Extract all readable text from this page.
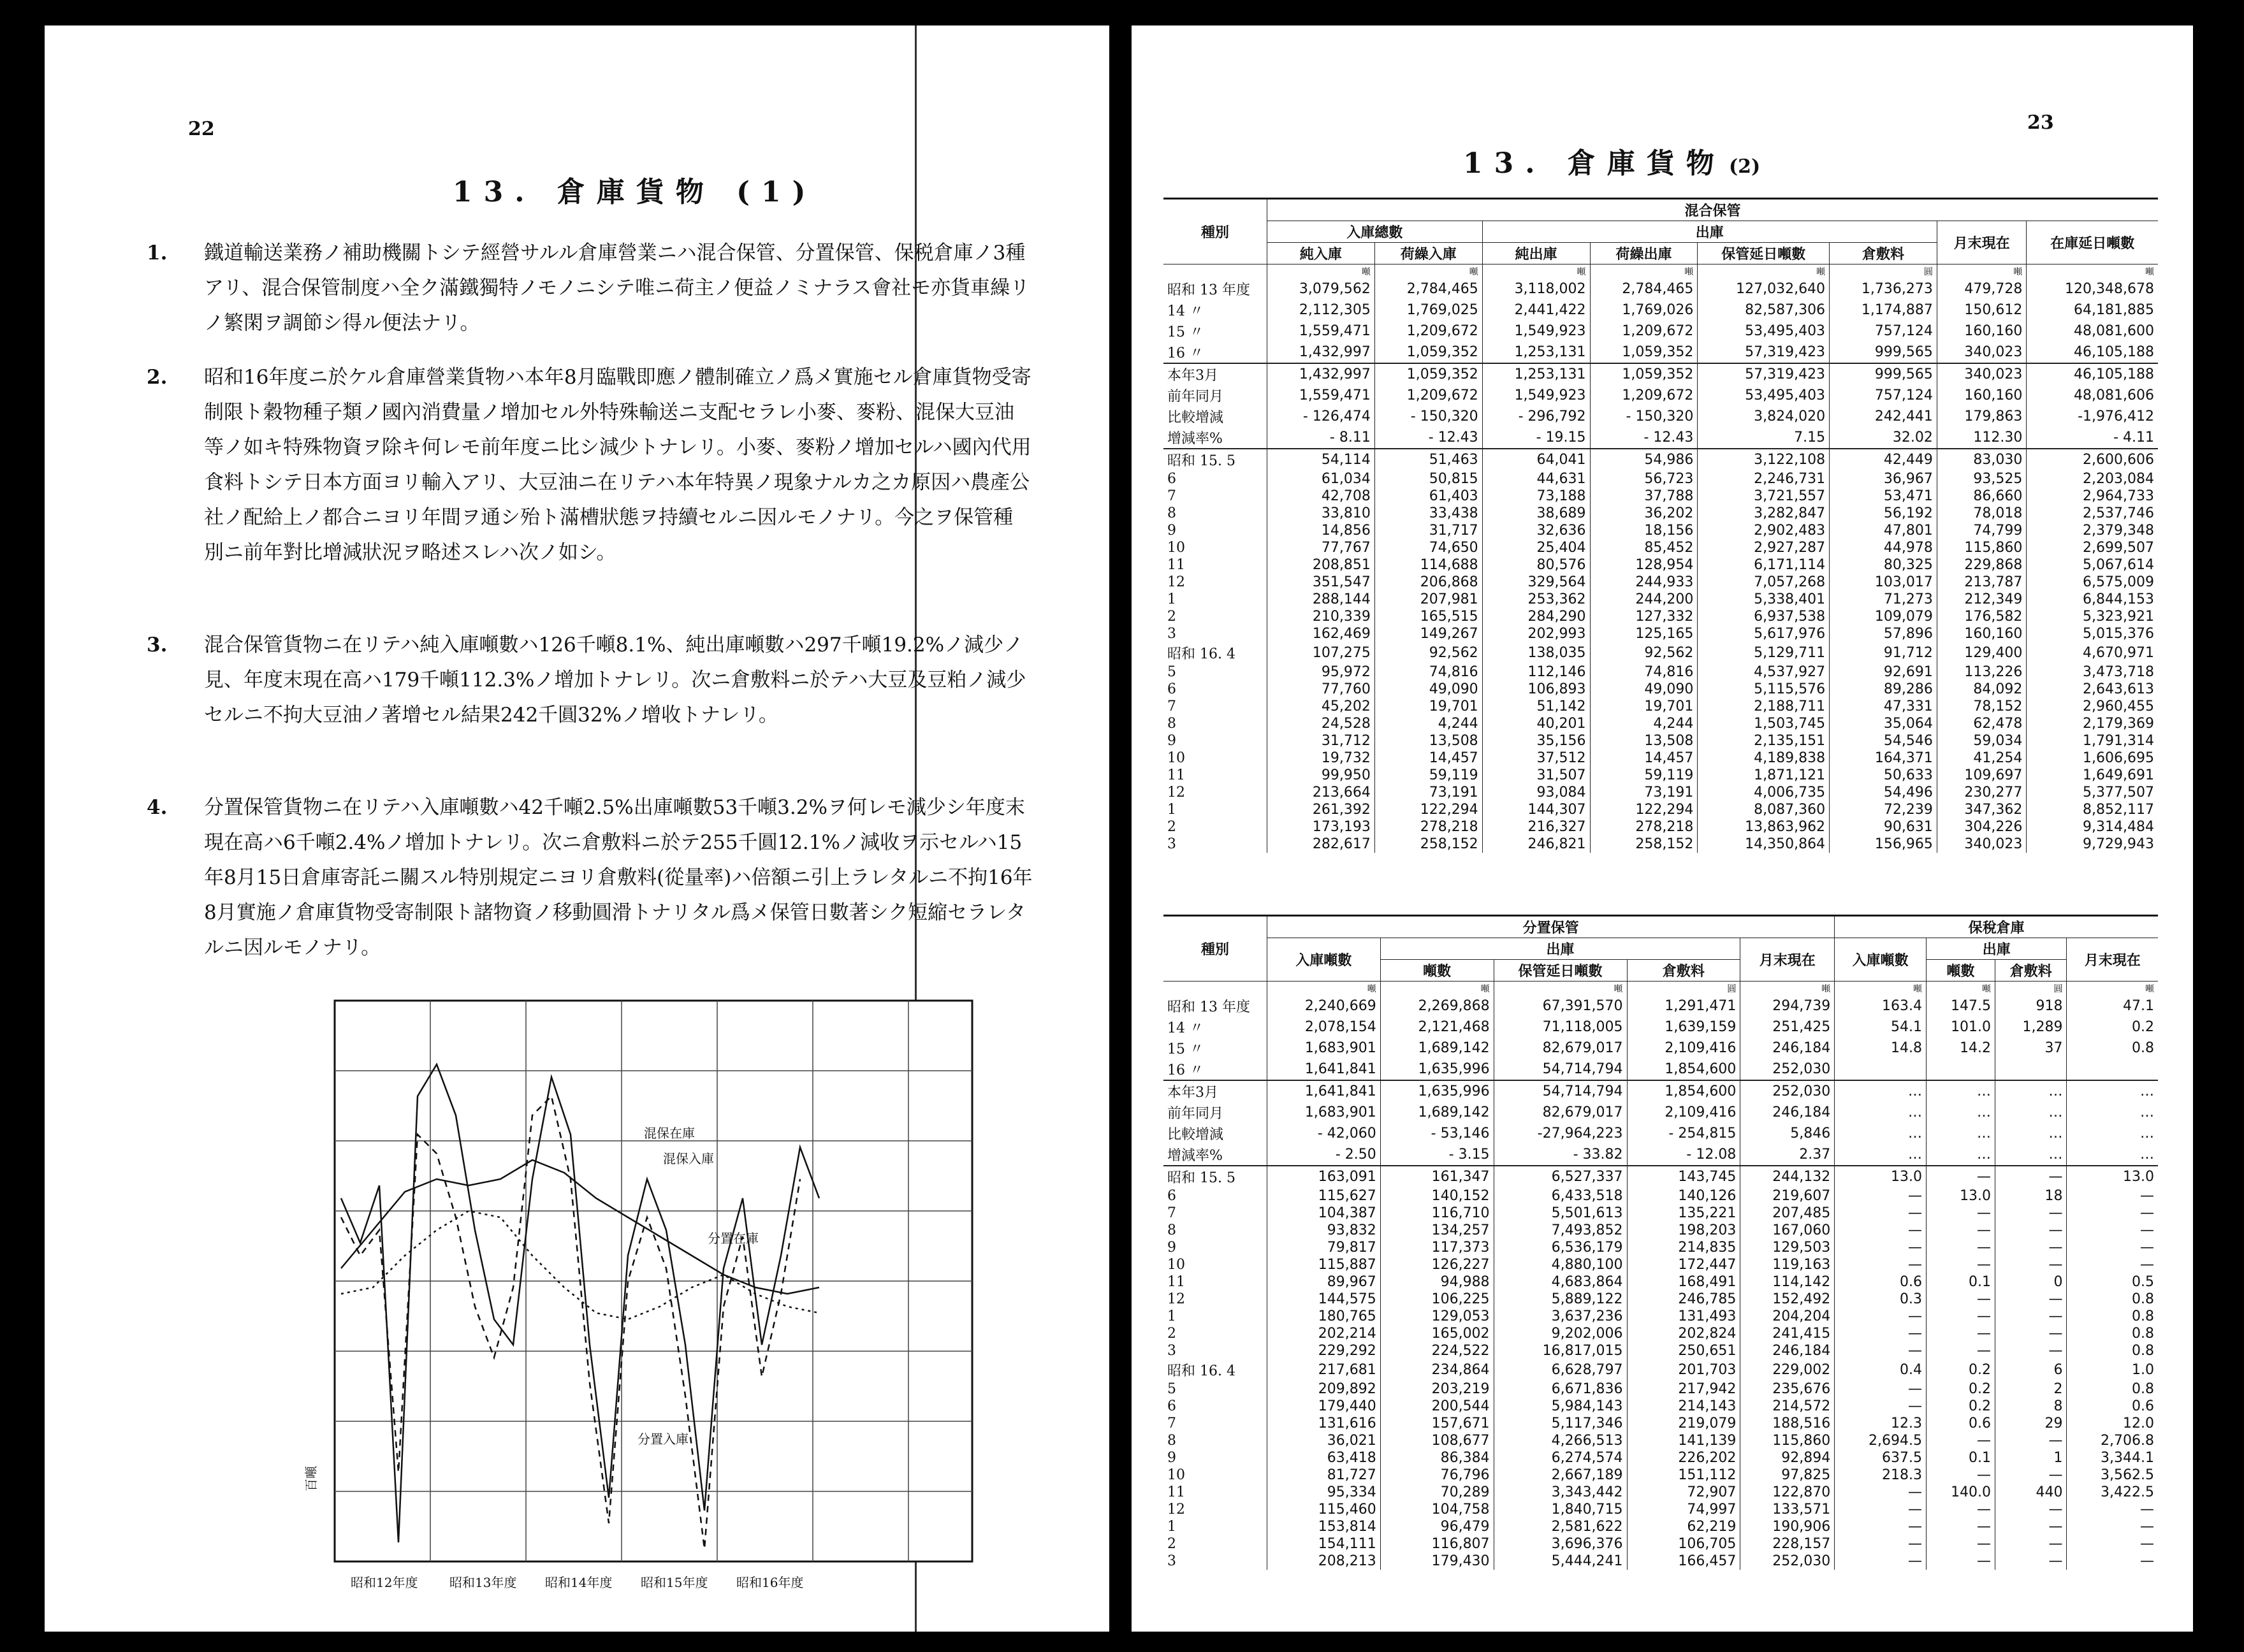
22
13. 倉庫貨物 (1)
1. 鐵道輸送業務ノ補助機關トシテ經營サルル倉庫營業ニハ混合保管、分置保管、保税倉庫ノ3種アリ、混合保管制度ハ全ク滿鐵獨特ノモノニシテ唯ニ荷主ノ便益ノミナラス會社モ亦貨車繰リノ繁閑ヲ調節シ得ル便法ナリ。
2. 昭和16年度ニ於ケル倉庫營業貨物ハ本年8月臨戰即應ノ體制確立ノ爲メ實施セル倉庫貨物受寄制限ト穀物種子類ノ國內消費量ノ增加セル外特殊輸送ニ支配セラレ小麥、麥粉、混保大豆油等ノ如キ特殊物資ヲ除キ何レモ前年度ニ比シ減少トナレリ。小麥、麥粉ノ增加セルハ國內代用食料トシテ日本方面ヨリ輸入アリ、大豆油ニ在リテハ本年特異ノ現象ナルカ之カ原因ハ農產公社ノ配給上ノ都合ニヨリ年間ヲ通シ殆ト滿槽狀態ヲ持續セルニ因ルモノナリ。今之ヲ保管種別ニ前年對比增減狀況ヲ略述スレハ次ノ如シ。
3. 混合保管貨物ニ在リテハ純入庫噸數ハ126千噸8.1%、純出庫噸數ハ297千噸19.2%ノ減少ノ見、年度末現在高ハ179千噸112.3%ノ增加トナレリ。次ニ倉敷料ニ於テハ大豆及豆粕ノ減少セルニ不拘大豆油ノ著增セル結果242千圓32%ノ增收トナレリ。
4. 分置保管貨物ニ在リテハ入庫噸數ハ42千噸2.5%出庫噸數53千噸3.2%ヲ何レモ減少シ年度末現在高ハ6千噸2.4%ノ增加トナレリ。次ニ倉敷料ニ於テ255千圓12.1%ノ減收ヲ示セルハ15年8月15日倉庫寄託ニ關スル特別規定ニヨリ倉敷料(從量率)ハ倍額ニ引上ラレタルニ不拘16年8月實施ノ倉庫貨物受寄制限ト諸物資ノ移動圓滑トナリタル爲メ保管日數著シク短縮セラレタルニ因ルモノナリ。
混保在庫
混保入庫
分置在庫
分置入庫
百噸
昭和12年度 昭和13年度 昭和14年度 昭和15年度 昭和16年度
23
13. 倉庫貨物 (2)
種別	混合保管							
	入庫總數		出庫				月末現在	在庫延日噸數
	純入庫	荷繰入庫	純出庫	荷繰出庫	保管延日噸數	倉敷料		
	噸	噸	噸	噸	噸	圓	噸	噸
昭和 13 年度	3,079,562	2,784,465	3,118,002	2,784,465	127,032,640	1,736,273	479,728	120,348,678
14 〃	2,112,305	1,769,025	2,441,422	1,769,026	82,587,306	1,174,887	150,612	64,181,885
15 〃	1,559,471	1,209,672	1,549,923	1,209,672	53,495,403	757,124	160,160	48,081,600
16 〃	1,432,997	1,059,352	1,253,131	1,059,352	57,319,423	999,565	340,023	46,105,188
本年3月	1,432,997	1,059,352	1,253,131	1,059,352	57,319,423	999,565	340,023	46,105,188
前年同月	1,559,471	1,209,672	1,549,923	1,209,672	53,495,403	757,124	160,160	48,081,606
比較增減	- 126,474	- 150,320	- 296,792	- 150,320	3,824,020	242,441	179,863	-1,976,412
增減率%	- 8.11	- 12.43	- 19.15	- 12.43	7.15	32.02	112.30	- 4.11
昭和 15. 5	54,114	51,463	64,041	54,986	3,122,108	42,449	83,030	2,600,606
6	61,034	50,815	44,631	56,723	2,246,731	36,967	93,525	2,203,084
7	42,708	61,403	73,188	37,788	3,721,557	53,471	86,660	2,964,733
8	33,810	33,438	38,689	36,202	3,282,847	56,192	78,018	2,537,746
9	14,856	31,717	32,636	18,156	2,902,483	47,801	74,799	2,379,348
10	77,767	74,650	25,404	85,452	2,927,287	44,978	115,860	2,699,507
11	208,851	114,688	80,576	128,954	6,171,114	80,325	229,868	5,067,614
12	351,547	206,868	329,564	244,933	7,057,268	103,017	213,787	6,575,009
1	288,144	207,981	253,362	244,200	5,338,401	71,273	212,349	6,844,153
2	210,339	165,515	284,290	127,332	6,937,538	109,079	176,582	5,323,921
3	162,469	149,267	202,993	125,165	5,617,976	57,896	160,160	5,015,376
昭和 16. 4	107,275	92,562	138,035	92,562	5,129,711	91,712	129,400	4,670,971
5	95,972	74,816	112,146	74,816	4,537,927	92,691	113,226	3,473,718
6	77,760	49,090	106,893	49,090	5,115,576	89,286	84,092	2,643,613
7	45,202	19,701	51,142	19,701	2,188,711	47,331	78,152	2,960,455
8	24,528	4,244	40,201	4,244	1,503,745	35,064	62,478	2,179,369
9	31,712	13,508	35,156	13,508	2,135,151	54,546	59,034	1,791,314
10	19,732	14,457	37,512	14,457	4,189,838	164,371	41,254	1,606,695
11	99,950	59,119	31,507	59,119	1,871,121	50,633	109,697	1,649,691
12	213,664	73,191	93,084	73,191	4,006,735	54,496	230,277	5,377,507
1	261,392	122,294	144,307	122,294	8,087,360	72,239	347,362	8,852,117
2	173,193	278,218	216,327	278,218	13,863,962	90,631	304,226	9,314,484
3	282,617	258,152	246,821	258,152	14,350,864	156,965	340,023	9,729,943
種別	分置保管					保稅倉庫			
	入庫噸數	出庫			月末現在	入庫噸數	出庫		月末現在
		噸數	保管延日噸數	倉敷料			噸數	倉敷料	
	噸	噸	噸	圓	噸	噸	噸	圓	噸
昭和 13 年度	2,240,669	2,269,868	67,391,570	1,291,471	294,739	163.4	147.5	918	47.1
14 〃	2,078,154	2,121,468	71,118,005	1,639,159	251,425	54.1	101.0	1,289	0.2
15 〃	1,683,901	1,689,142	82,679,017	2,109,416	246,184	14.8	14.2	37	0.8
16 〃	1,641,841	1,635,996	54,714,794	1,854,600	252,030				
本年3月	1,641,841	1,635,996	54,714,794	1,854,600	252,030	…	…	…	…
前年同月	1,683,901	1,689,142	82,679,017	2,109,416	246,184	…	…	…	…
比較增減	- 42,060	- 53,146	-27,964,223	- 254,815	5,846	…	…	…	…
增減率%	- 2.50	- 3.15	- 33.82	- 12.08	2.37	…	…	…	…
昭和 15. 5	163,091	161,347	6,527,337	143,745	244,132	13.0	—	—	13.0
6	115,627	140,152	6,433,518	140,126	219,607	—	13.0	18	—
7	104,387	116,710	5,501,613	135,221	207,485	—	—	—	—
8	93,832	134,257	7,493,852	198,203	167,060	—	—	—	—
9	79,817	117,373	6,536,179	214,835	129,503	—	—	—	—
10	115,887	126,227	4,880,100	172,447	119,163	—	—	—	—
11	89,967	94,988	4,683,864	168,491	114,142	0.6	0.1	0	0.5
12	144,575	106,225	5,889,122	246,785	152,492	0.3	—	—	0.8
1	180,765	129,053	3,637,236	131,493	204,204	—	—	—	0.8
2	202,214	165,002	9,202,006	202,824	241,415	—	—	—	0.8
3	229,292	224,522	16,817,015	250,651	246,184	—	—	—	0.8
昭和 16. 4	217,681	234,864	6,628,797	201,703	229,002	0.4	0.2	6	1.0
5	209,892	203,219	6,671,836	217,942	235,676	—	0.2	2	0.8
6	179,440	200,544	5,984,143	214,143	214,572	—	0.2	8	0.6
7	131,616	157,671	5,117,346	219,079	188,516	12.3	0.6	29	12.0
8	36,021	108,677	4,266,513	141,139	115,860	2,694.5	—	—	2,706.8
9	63,418	86,384	6,274,574	226,202	92,894	637.5	0.1	1	3,344.1
10	81,727	76,796	2,667,189	151,112	97,825	218.3	—	—	3,562.5
11	95,334	70,289	3,343,442	72,907	122,870	—	140.0	440	3,422.5
12	115,460	104,758	1,840,715	74,997	133,571	—	—	—	—
1	153,814	96,479	2,581,622	62,219	190,906	—	—	—	—
2	154,111	116,807	3,696,376	106,705	228,157	—	—	—	—
3	208,213	179,430	5,444,241	166,457	252,030	—	—	—	—
